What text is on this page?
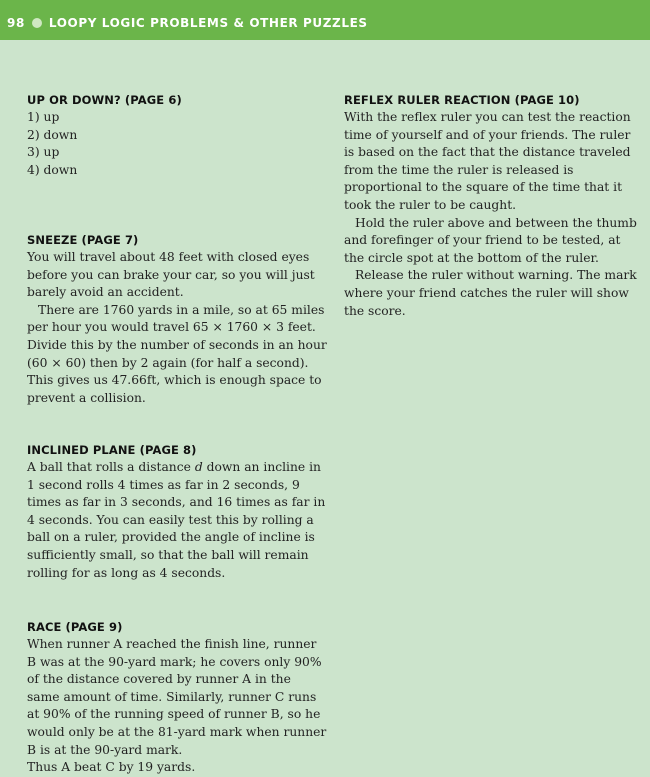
98 LOOPY LOGIC PROBLEMS & OTHER PUZZLES
UP OR DOWN? (PAGE 6)
1) up
2) down
3) up
4) down
SNEEZE (PAGE 7)

You will travel about 48 feet with closed eyes before you can brake your car, so you will just barely avoid an accident.

There are 1760 yards in a mile, so at 65 miles per hour you would travel 65 × 1760 × 3 feet. Divide this by the number of seconds in an hour (60 × 60) then by 2 again (for half a second). This gives us 47.66ft, which is enough space to prevent a collision.

INCLINED PLANE (PAGE 8)

A ball that rolls a distance d down an incline in 1 second rolls 4 times as far in 2 seconds, 9 times as far in 3 seconds, and 16 times as far in 4 seconds. You can easily test this by rolling a ball on a ruler, provided the angle of incline is sufficiently small, so that the ball will remain rolling for as long as 4 seconds.

RACE (PAGE 9)

When runner A reached the finish line, runner B was at the 90-yard mark; he covers only 90% of the distance covered by runner A in the same amount of time. Similarly, runner C runs at 90% of the running speed of runner B, so he would only be at the 81-yard mark when runner B is at the 90-yard mark.

Thus A beat C by 19 yards.

REFLEX RULER REACTION (PAGE 10)

With the reflex ruler you can test the reaction time of yourself and of your friends. The ruler is based on the fact that the distance traveled from the time the ruler is released is proportional to the square of the time that it took the ruler to be caught.

Hold the ruler above and between the thumb and forefinger of your friend to be tested, at the circle spot at the bottom of the ruler.

Release the ruler without warning. The mark where your friend catches the ruler will show the score.
